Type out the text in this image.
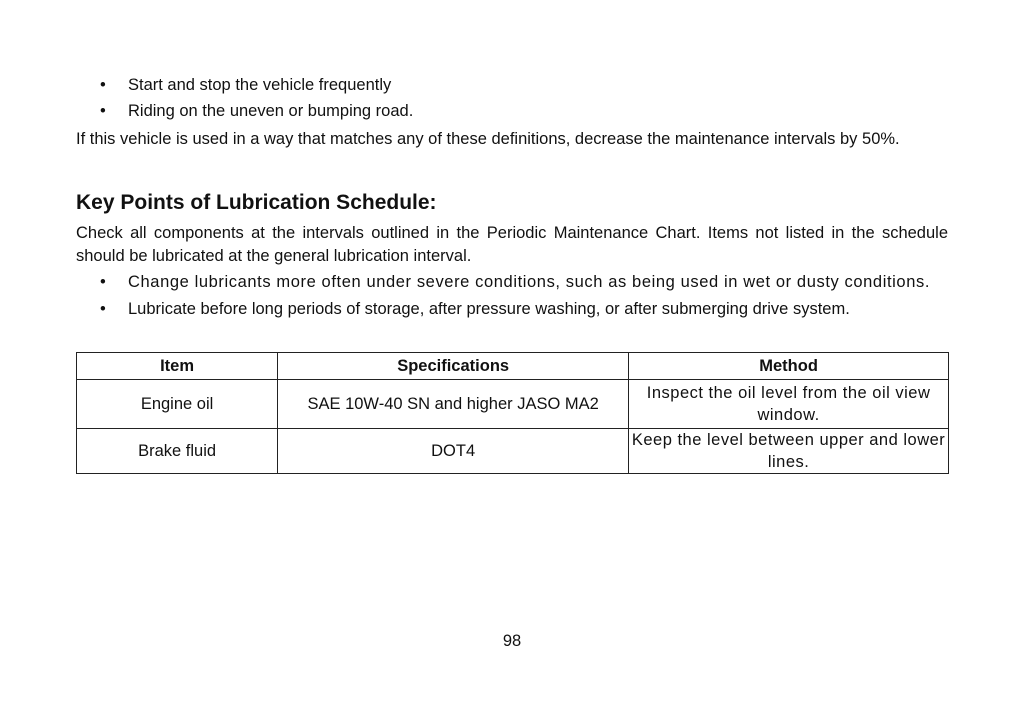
• Start and stop the vehicle frequently
• Riding on the uneven or bumping road.

If this vehicle is used in a way that matches any of these definitions, decrease the maintenance intervals by 50%.

Key Points of Lubrication Schedule:

Check all components at the intervals outlined in the Periodic Maintenance Chart. Items not listed in the schedule should be lubricated at the general lubrication interval.

• Change lubricants more often under severe conditions, such as being used in wet or dusty conditions.
• Lubricate before long periods of storage, after pressure washing, or after submerging drive system.
Item	Specifications	Method
Engine oil	SAE 10W-40 SN and higher JASO MA2	Inspect the oil level from the oil view window.
Brake fluid	DOT4	Keep the level between upper and lower lines.
98
